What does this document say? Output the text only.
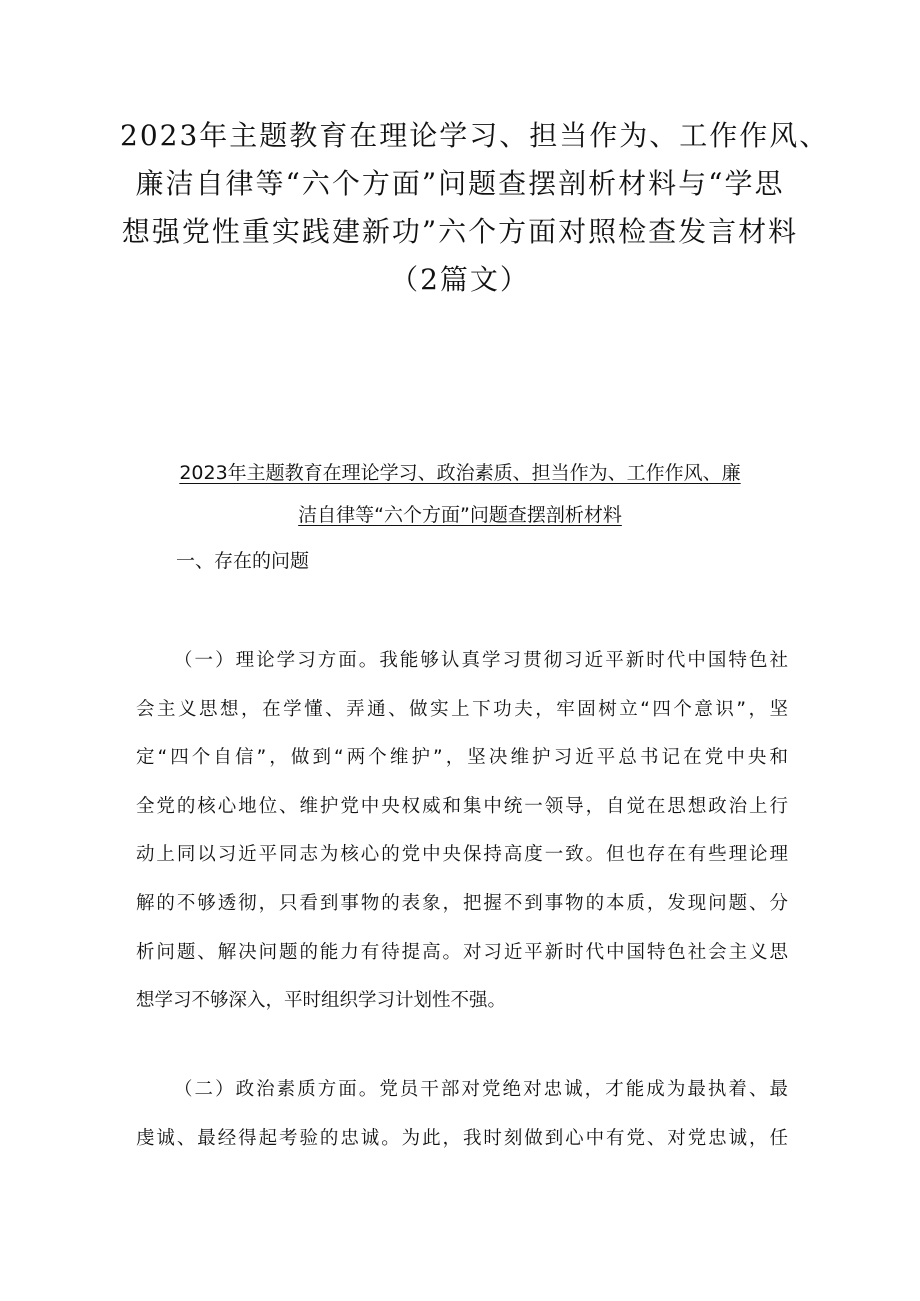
2023年主题教育在理论学习、担当作为、工作作风、
廉洁自律等“六个方面”问题查摆剖析材料与“学思
想强党性重实践建新功”六个方面对照检查发言材料
（2篇文）
2023年主题教育在理论学习、政治素质、担当作为、工作作风、廉
洁自律等“六个方面”问题查摆剖析材料
一、存在的问题
（一）理论学习方面。我能够认真学习贯彻习近平新时代中国特色社
会主义思想，在学懂、弄通、做实上下功夫，牢固树立“四个意识”，坚
定“四个自信”，做到“两个维护”，坚决维护习近平总书记在党中央和
全党的核心地位、维护党中央权威和集中统一领导，自觉在思想政治上行
动上同以习近平同志为核心的党中央保持高度一致。但也存在有些理论理
解的不够透彻，只看到事物的表象，把握不到事物的本质，发现问题、分
析问题、解决问题的能力有待提高。对习近平新时代中国特色社会主义思
想学习不够深入，平时组织学习计划性不强。
（二）政治素质方面。党员干部对党绝对忠诚，才能成为最执着、最
虔诚、最经得起考验的忠诚。为此，我时刻做到心中有党、对党忠诚，任
